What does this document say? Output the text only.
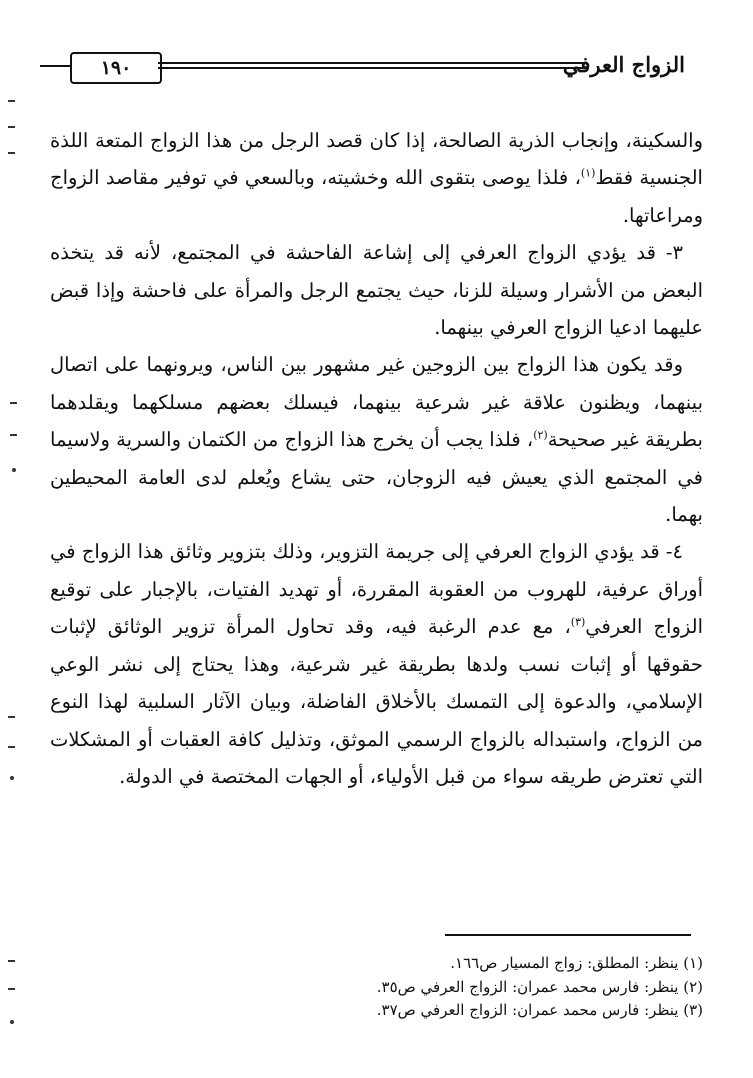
الزواج العرفي
١٩٠

والسكينة، وإنجاب الذرية الصالحة، إذا كان قصد الرجل من هذا الزواج المتعة اللذة الجنسية فقط$^{(١)}$، فلذا يوصى بتقوى الله وخشيته، وبالسعي في توفير مقاصد الزواج ومراعاتها.

٣- قد يؤدي الزواج العرفي إلى إشاعة الفاحشة في المجتمع، لأنه قد يتخذه البعض من الأشرار وسيلة للزنا، حيث يجتمع الرجل والمرأة على فاحشة وإذا قبض عليهما ادعيا الزواج العرفي بينهما.

وقد يكون هذا الزواج بين الزوجين غير مشهور بين الناس، ويرونهما على اتصال بينهما، ويظنون علاقة غير شرعية بينهما، فيسلك بعضهم مسلكهما ويقلدهما بطريقة غير صحيحة$^{(٢)}$، فلذا يجب أن يخرج هذا الزواج من الكتمان والسرية ولاسيما في المجتمع الذي يعيش فيه الزوجان، حتى يشاع ويُعلم لدى العامة المحيطين بهما.

٤- قد يؤدي الزواج العرفي إلى جريمة التزوير، وذلك بتزوير وثائق هذا الزواج في أوراق عرفية، للهروب من العقوبة المقررة، أو تهديد الفتيات، بالإجبار على توقيع الزواج العرفي$^{(٣)}$، مع عدم الرغبة فيه، وقد تحاول المرأة تزوير الوثائق لإثبات حقوقها أو إثبات نسب ولدها بطريقة غير شرعية، وهذا يحتاج إلى نشر الوعي الإسلامي، والدعوة إلى التمسك بالأخلاق الفاضلة، وبيان الآثار السلبية لهذا النوع من الزواج، واستبداله بالزواج الرسمي الموثق، وتذليل كافة العقبات أو المشكلات التي تعترض طريقه سواء من قبل الأولياء، أو الجهات المختصة في الدولة.

(١) ينظر: المطلق: زواج المسيار ص١٦٦.
(٢) ينظر: فارس محمد عمران: الزواج العرفي ص٣٥.
(٣) ينظر: فارس محمد عمران: الزواج العرفي ص٣٧.
